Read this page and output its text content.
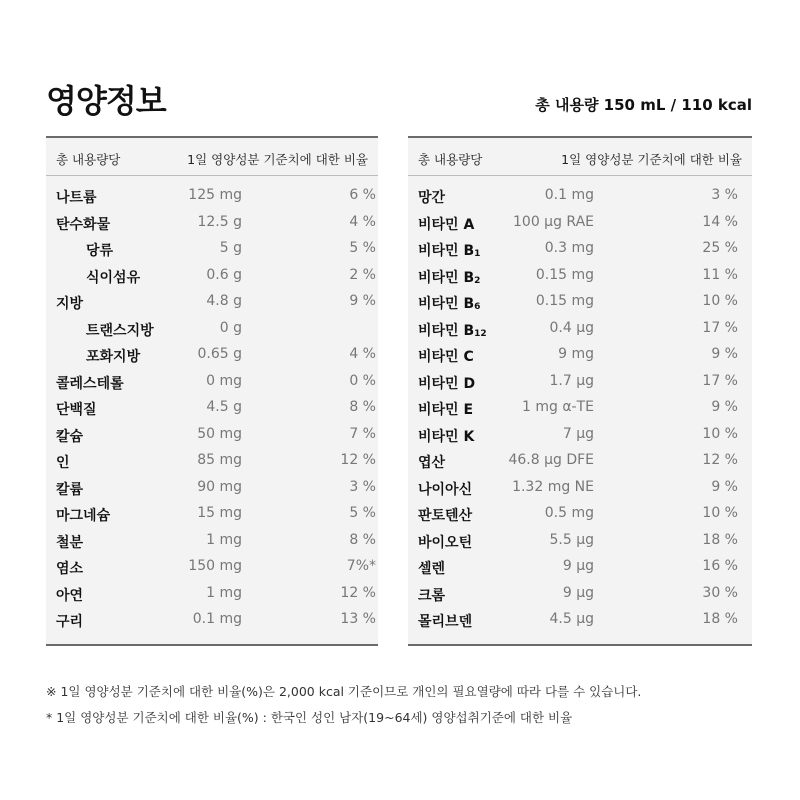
영양정보	총 내용량 150 mL / 110 kcal
총 내용량당	1일 영양성분 기준치에 대한 비율
나트륨	125 mg	6 %
탄수화물	12.5 g	4 %
당류	5 g	5 %
식이섬유	0.6 g	2 %
지방	4.8 g	9 %
트랜스지방	0 g
포화지방	0.65 g	4 %
콜레스테롤	0 mg	0 %
단백질	4.5 g	8 %
칼슘	50 mg	7 %
인	85 mg	12 %
칼륨	90 mg	3 %
마그네슘	15 mg	5 %
철분	1 mg	8 %
염소	150 mg	7%*
아연	1 mg	12 %
구리	0.1 mg	13 %
총 내용량당	1일 영양성분 기준치에 대한 비율
망간	0.1 mg	3 %
비타민 A	100 μg RAE	14 %
비타민 B1	0.3 mg	25 %
비타민 B2	0.15 mg	11 %
비타민 B6	0.15 mg	10 %
비타민 B12	0.4 μg	17 %
비타민 C	9 mg	9 %
비타민 D	1.7 μg	17 %
비타민 E	1 mg α-TE	9 %
비타민 K	7 μg	10 %
엽산	46.8 μg DFE	12 %
나이아신	1.32 mg NE	9 %
판토텐산	0.5 mg	10 %
바이오틴	5.5 μg	18 %
셀렌	9 μg	16 %
크롬	9 μg	30 %
몰리브덴	4.5 μg	18 %
※ 1일 영양성분 기준치에 대한 비율(%)은 2,000 kcal 기준이므로 개인의 필요열량에 따라 다를 수 있습니다.
* 1일 영양성분 기준치에 대한 비율(%) : 한국인 성인 남자(19~64세) 영양섭취기준에 대한 비율
